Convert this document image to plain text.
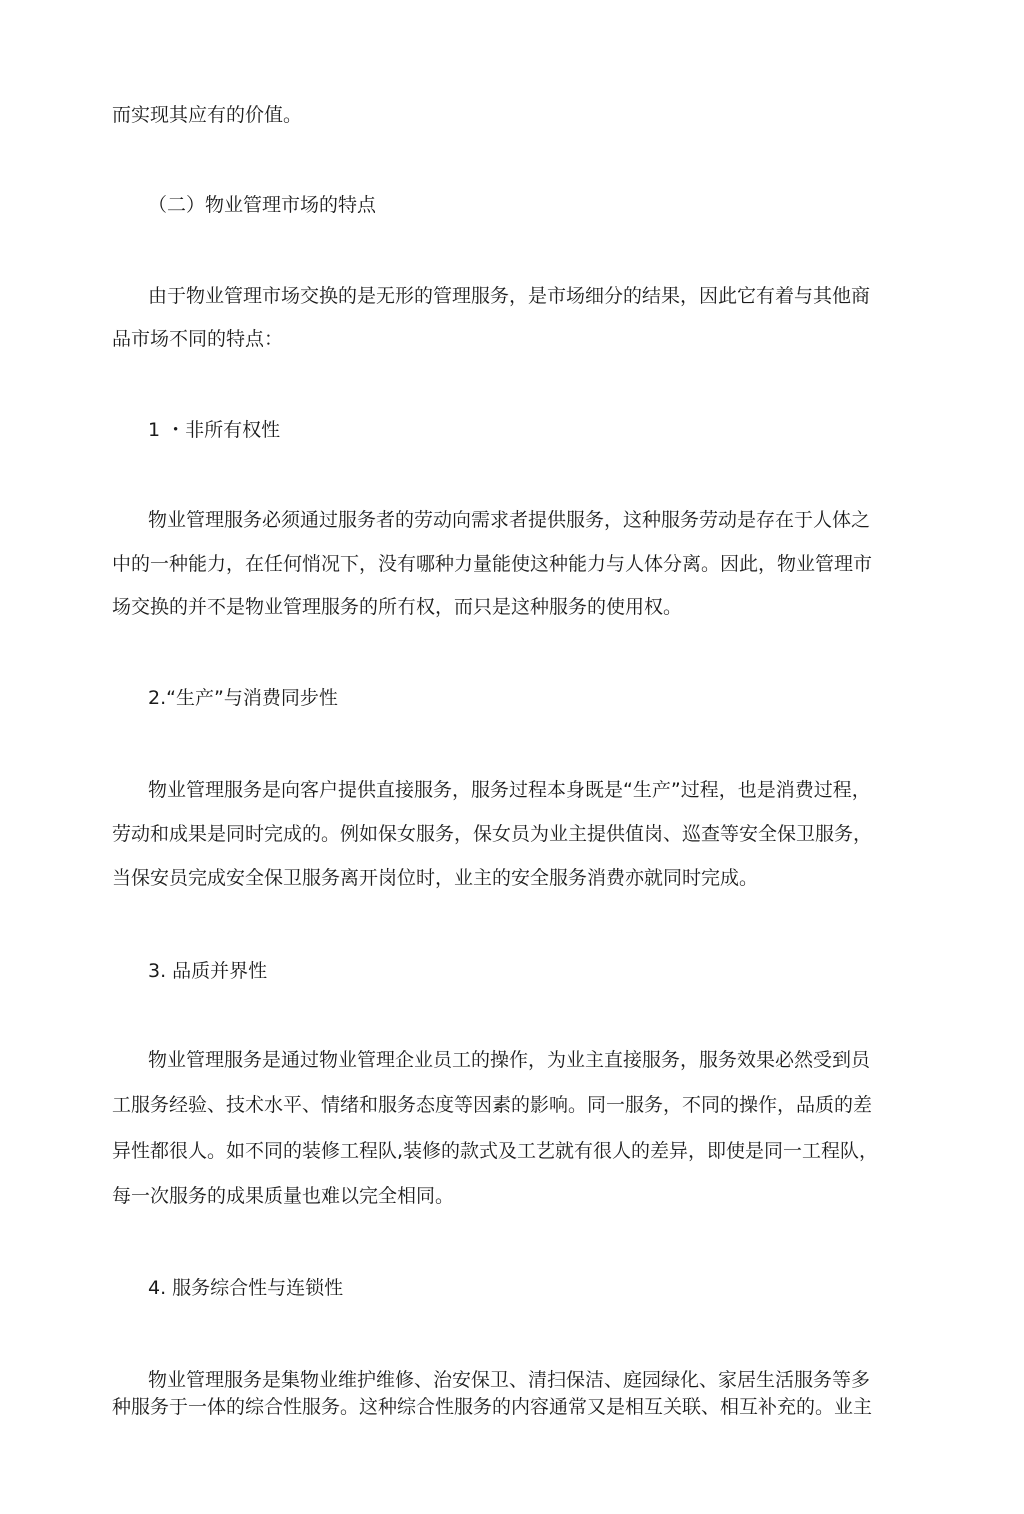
而实现其应有的价值。
（二）物业管理市场的特点
由于物业管理市场交换的是无形的管理服务，是市场细分的结果，因此它有着与其他商
品市场不同的特点：
1 ・非所有权性
物业管理服务必须通过服务者的劳动向需求者提供服务，这种服务劳动是存在于人体之
中的一种能力，在任何悄况下，没有哪种力量能使这种能力与人体分离。因此，物业管理市
场交换的并不是物业管理服务的所冇权，而只是这种服务的使用权。
2.“生产”与消费同步性
物业管理服务是向客户提供直接服务，服务过程本身既是“生产”过程，也是消费过程，
劳动和成果是同时完成的。例如保女服务，保女员为业主提供值岗、巡查等安全保卫服务，
当保安员完成安全保卫服务离开岗位时，业主的安全服务消费亦就同时完成。
3. 品质并界性
物业管理服务是通过物业管理企业员工的操作，为业主直接服务，服务效果必然受到员
工服务经验、技术水平、情绪和服务态度等因素的影响。同一服务，不同的操作，品质的差
异性都很人。如不同的装修工程队,装修的款式及工艺就有很人的差异，即使是同一工程队，
每一次服务的成果质量也难以完全相同。
4. 服务综合性与连锁性
物业管理服务是集物业维护维修、治安保卫、清扫保洁、庭园绿化、家居生活服务等多
种服务于一体的综合性服务。这种综合性服务的内容通常又是相互关联、相互补充的。业主
